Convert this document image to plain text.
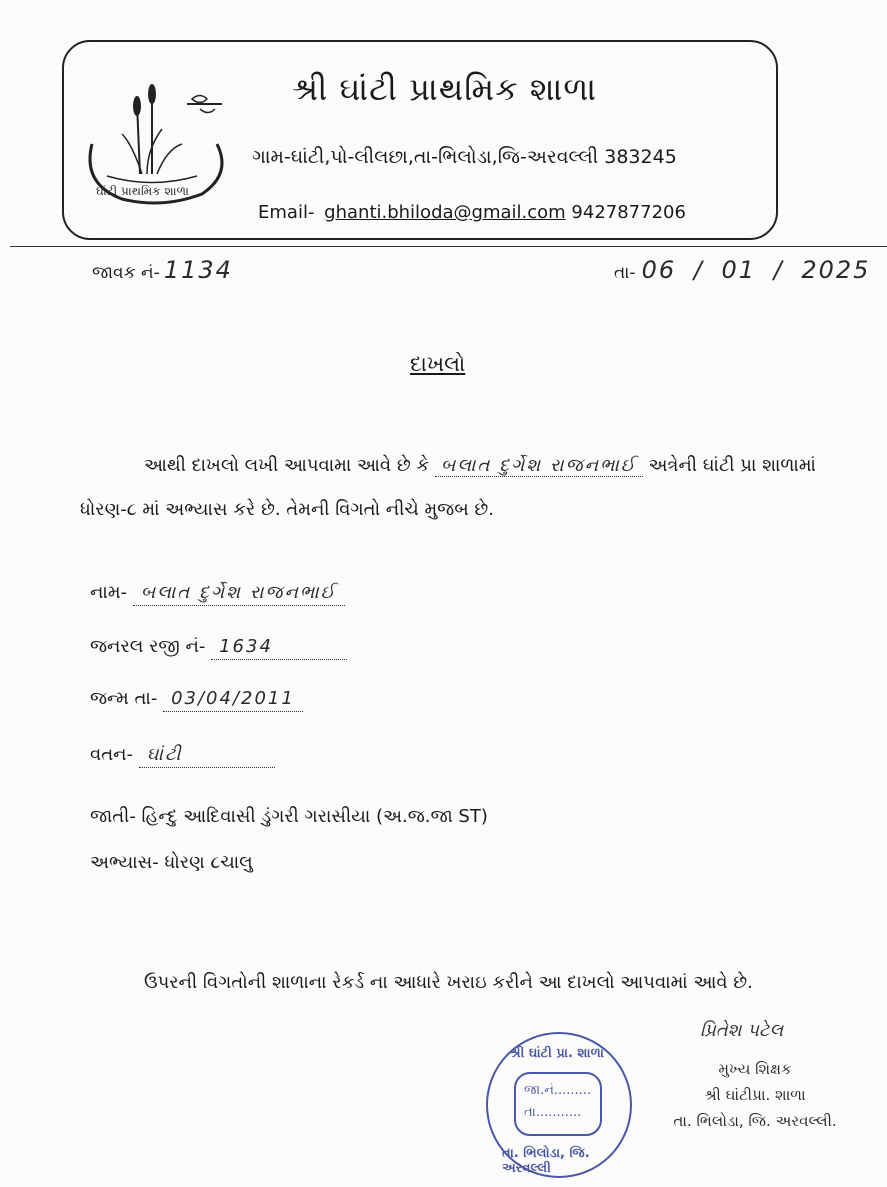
ઘાંટી પ્રાથમિક શાળા
શ્રી ઘાંટી પ્રાથમિક શાળા
ગામ-ઘાંટી,પો-લીલછા,તા-ભિલોડા,જિ-અરવલ્લી 383245
Email- ghanti.bhiloda@gmail.com 9427877206
જાવક નં- 1134	તા- 06 / 01 / 2025
દાખલો
આથી દાખલો લખી આપવામા આવે છે કે બલાત દુર્ગેશ રાજનભાઈ અત્રેની ઘાંટી પ્રા શાળામાં ધોરણ-૮ માં અભ્યાસ કરે છે. તેમની વિગતો નીચે મુજબ છે.
નામ- બલાત દુર્ગેશ રાજનભાઈ
જનરલ રજી નં- 1634
જન્મ તા- 03/04/2011
વતન- ઘાંટી
જાતી- હિન્દુ આદિવાસી ડુંગરી ગરાસીયા (અ.જ.જા ST)
અભ્યાસ- ધોરણ ૮ચાલુ
ઉપરની વિગતોની શાળાના રેકર્ડ ના આધારે ખરાઇ કરીને આ દાખલો આપવામાં આવે છે.
શ્રી ઘાંટી પ્રા. શાળા
જા.નં.........
તા...........
તા. ભિલોડા, જિ. અરવલ્લી
પ્રિતેશ પટેલ
મુખ્ય શિક્ષક
શ્રી ઘાંટીપ્રા. શાળા
તા. ભિલોડા, જિ. અરવલ્લી.
